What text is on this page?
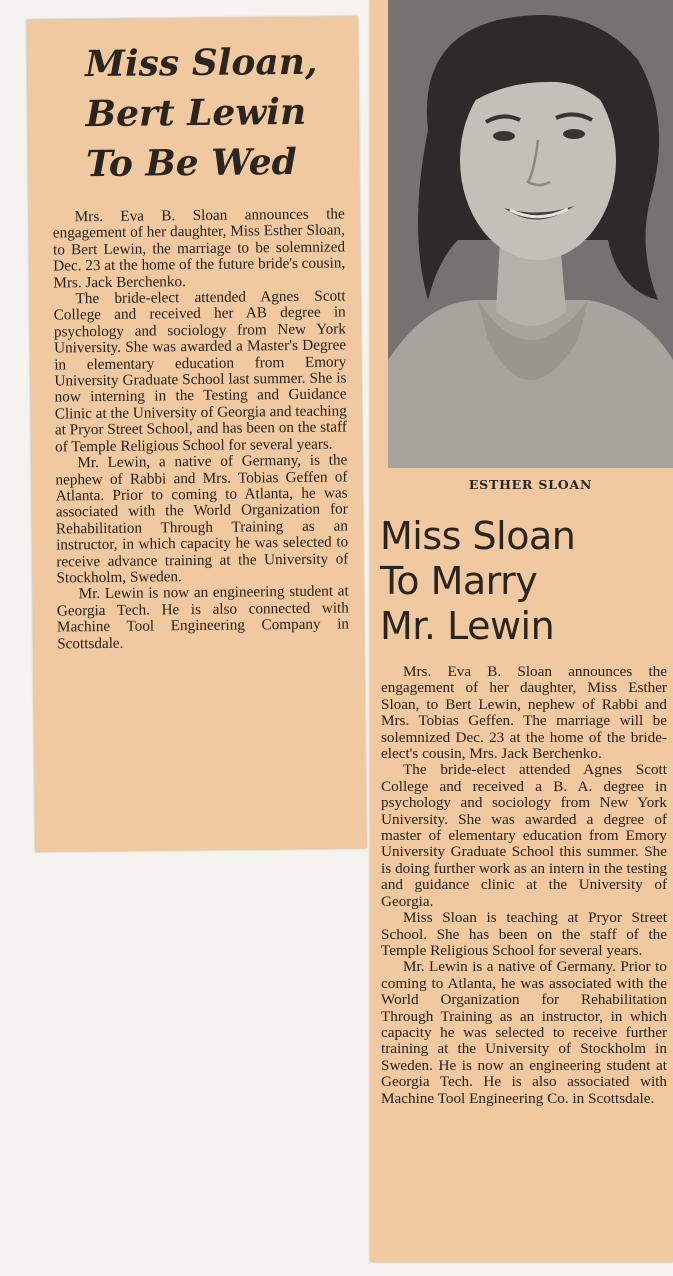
Miss Sloan,
Bert Lewin
To Be Wed

Mrs. Eva B. Sloan announces the engagement of her daughter, Miss Esther Sloan, to Bert Lewin, the marriage to be solemnized Dec. 23 at the home of the future bride's cousin, Mrs. Jack Berchenko.

The bride-elect attended Agnes Scott College and received her AB degree in psychology and sociology from New York University. She was awarded a Master's Degree in elementary education from Emory University Graduate School last summer. She is now interning in the Testing and Guidance Clinic at the University of Georgia and teaching at Pryor Street School, and has been on the staff of Temple Religious School for several years.

Mr. Lewin, a native of Germany, is the nephew of Rabbi and Mrs. Tobias Geffen of Atlanta. Prior to coming to Atlanta, he was associated with the World Organization for Rehabilitation Through Training as an instructor, in which capacity he was selected to receive advance training at the University of Stockholm, Sweden.

Mr. Lewin is now an engineering student at Georgia Tech. He is also connected with Machine Tool Engineering Company in Scottsdale.

ESTHER SLOAN
Miss Sloan
To Marry
Mr. Lewin

Mrs. Eva B. Sloan announces the engagement of her daughter, Miss Esther Sloan, to Bert Lewin, nephew of Rabbi and Mrs. Tobias Geffen. The marriage will be solemnized Dec. 23 at the home of the bride-elect's cousin, Mrs. Jack Berchenko.

The bride-elect attended Agnes Scott College and received a B. A. degree in psychology and sociology from New York University. She was awarded a degree of master of elementary education from Emory University Graduate School this summer. She is doing further work as an intern in the testing and guidance clinic at the University of Georgia.

Miss Sloan is teaching at Pryor Street School. She has been on the staff of the Temple Religious School for several years.

Mr. Lewin is a native of Germany. Prior to coming to Atlanta, he was associated with the World Organization for Rehabilitation Through Training as an instructor, in which capacity he was selected to receive further training at the University of Stockholm in Sweden. He is now an engineering student at Georgia Tech. He is also associated with Machine Tool Engineering Co. in Scottsdale.
